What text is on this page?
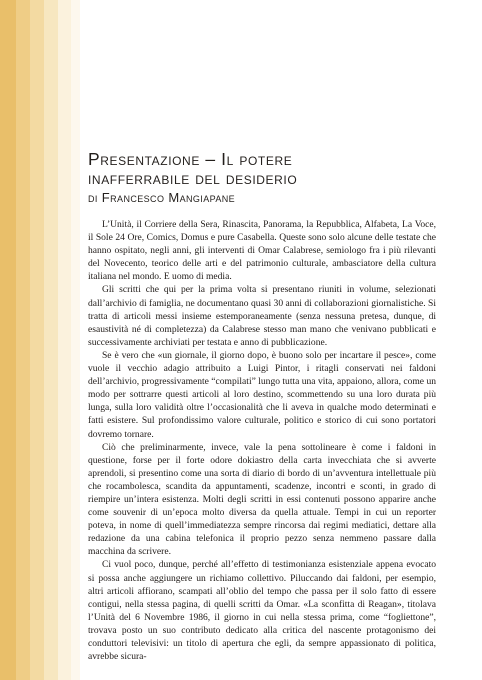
Presentazione – Il potere
inafferrabile del desiderio
di Francesco Mangiapane

L’Unità, il Corriere della Sera, Rinascita, Panorama, la Repubblica, Alfabeta, La Voce, il Sole 24 Ore, Comics, Domus e pure Casabella. Queste sono solo alcune delle testate che hanno ospitato, negli anni, gli interventi di Omar Calabrese, semiologo fra i più rilevanti del Novecento, teorico delle arti e del patrimonio culturale, ambasciatore della cultura italiana nel mondo. E uomo di media.

Gli scritti che qui per la prima volta si presentano riuniti in volume, selezionati dall’archivio di famiglia, ne documentano quasi 30 anni di collaborazioni giornalistiche. Si tratta di articoli messi insieme estemporaneamente (senza nessuna pretesa, dunque, di esaustività né di completezza) da Calabrese stesso man mano che venivano pubblicati e successivamente archiviati per testata e anno di pubblicazione.

Se è vero che «un giornale, il giorno dopo, è buono solo per incartare il pesce», come vuole il vecchio adagio attribuito a Luigi Pintor, i ritagli conservati nei faldoni dell’archivio, progressivamente “compilati” lungo tutta una vita, appaiono, allora, come un modo per sottrarre questi articoli al loro destino, scommettendo su una loro durata più lunga, sulla loro validità oltre l’occasionalità che li aveva in qualche modo determinati e fatti esistere. Sul profondissimo valore culturale, politico e storico di cui sono portatori dovremo tornare.

Ciò che preliminarmente, invece, vale la pena sottolineare è come i faldoni in questione, forse per il forte odore dokiastro della carta invecchiata che si avverte aprendoli, si presentino come una sorta di diario di bordo di un’avventura intellettuale più che rocambolesca, scandita da appuntamenti, scadenze, incontri e sconti, in grado di riempire un’intera esistenza. Molti degli scritti in essi contenuti possono apparire anche come souvenir di un’epoca molto diversa da quella attuale. Tempi in cui un reporter poteva, in nome di quell’immediatezza sempre rincorsa dai regimi mediatici, dettare alla redazione da una cabina telefonica il proprio pezzo senza nemmeno passare dalla macchina da scrivere.

Ci vuol poco, dunque, perché all’effetto di testimonianza esistenziale appena evocato si possa anche aggiungere un richiamo collettivo. Piluccando dai faldoni, per esempio, altri articoli affiorano, scampati all’oblio del tempo che passa per il solo fatto di essere contigui, nella stessa pagina, di quelli scritti da Omar. «La sconfitta di Reagan», titolava l’Unità del 6 Novembre 1986, il giorno in cui nella stessa prima, come “fogliettone”, trovava posto un suo contributo dedicato alla critica del nascente protagonismo dei conduttori televisivi: un titolo di apertura che egli, da sempre appassionato di politica, avrebbe sicura-
